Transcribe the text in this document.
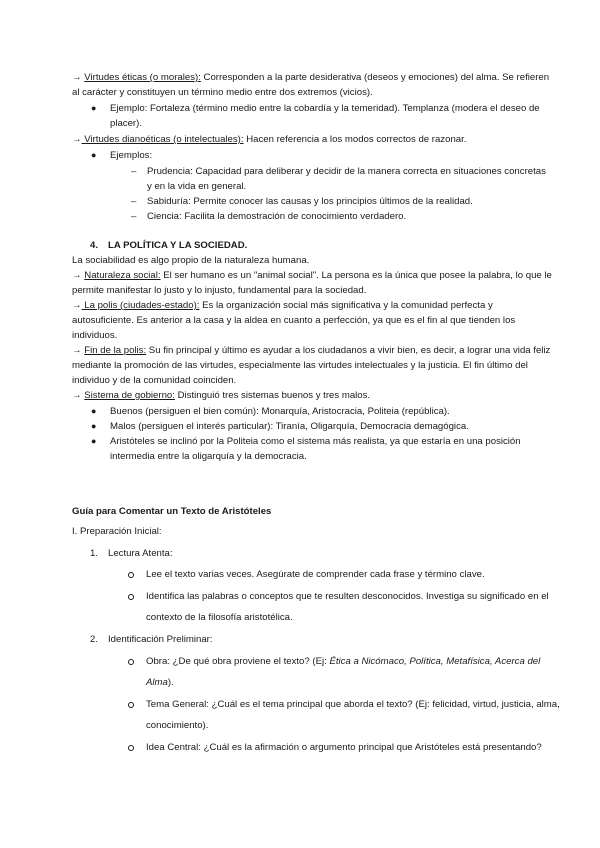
→ Virtudes éticas (o morales): Corresponden a la parte desiderativa (deseos y emociones) del alma. Se refieren
al carácter y constituyen un término medio entre dos extremos (vicios).
● Ejemplo: Fortaleza (término medio entre la cobardía y la temeridad). Templanza (modera el deseo de
placer).
→ Virtudes dianoéticas (o intelectuales): Hacen referencia a los modos correctos de razonar.
● Ejemplos:
– Prudencia: Capacidad para deliberar y decidir de la manera correcta en situaciones concretas
y en la vida en general.
– Sabiduría: Permite conocer las causas y los principios últimos de la realidad.
– Ciencia: Facilita la demostración de conocimiento verdadero.
4. LA POLÍTICA Y LA SOCIEDAD.
La sociabilidad es algo propio de la naturaleza humana.
→ Naturaleza social: El ser humano es un "animal social". La persona es la única que posee la palabra, lo que le
permite manifestar lo justo y lo injusto, fundamental para la sociedad.
→ La polis (ciudades-estado): Es la organización social más significativa y la comunidad perfecta y
autosuficiente. Es anterior a la casa y la aldea en cuanto a perfección, ya que es el fin al que tienden los
individuos.
→ Fin de la polis: Su fin principal y último es ayudar a los ciudadanos a vivir bien, es decir, a lograr una vida feliz
mediante la promoción de las virtudes, especialmente las virtudes intelectuales y la justicia. El fin último del
individuo y de la comunidad coinciden.
→ Sistema de gobierno: Distinguió tres sistemas buenos y tres malos.
● Buenos (persiguen el bien común): Monarquía, Aristocracia, Politeia (república).
● Malos (persiguen el interés particular): Tiranía, Oligarquía, Democracia demagógica.
● Aristóteles se inclinó por la Politeia como el sistema más realista, ya que estaría en una posición
intermedia entre la oligarquía y la democracia.
Guía para Comentar un Texto de Aristóteles
I. Preparación Inicial:
1. Lectura Atenta:
Lee el texto varias veces. Asegúrate de comprender cada frase y término clave.
Identifica las palabras o conceptos que te resulten desconocidos. Investiga su significado en el
contexto de la filosofía aristotélica.
2. Identificación Preliminar:
Obra: ¿De qué obra proviene el texto? (Ej: Ética a Nicómaco, Política, Metafísica, Acerca del
Alma).
Tema General: ¿Cuál es el tema principal que aborda el texto? (Ej: felicidad, virtud, justicia, alma,
conocimiento).
Idea Central: ¿Cuál es la afirmación o argumento principal que Aristóteles está presentando?
